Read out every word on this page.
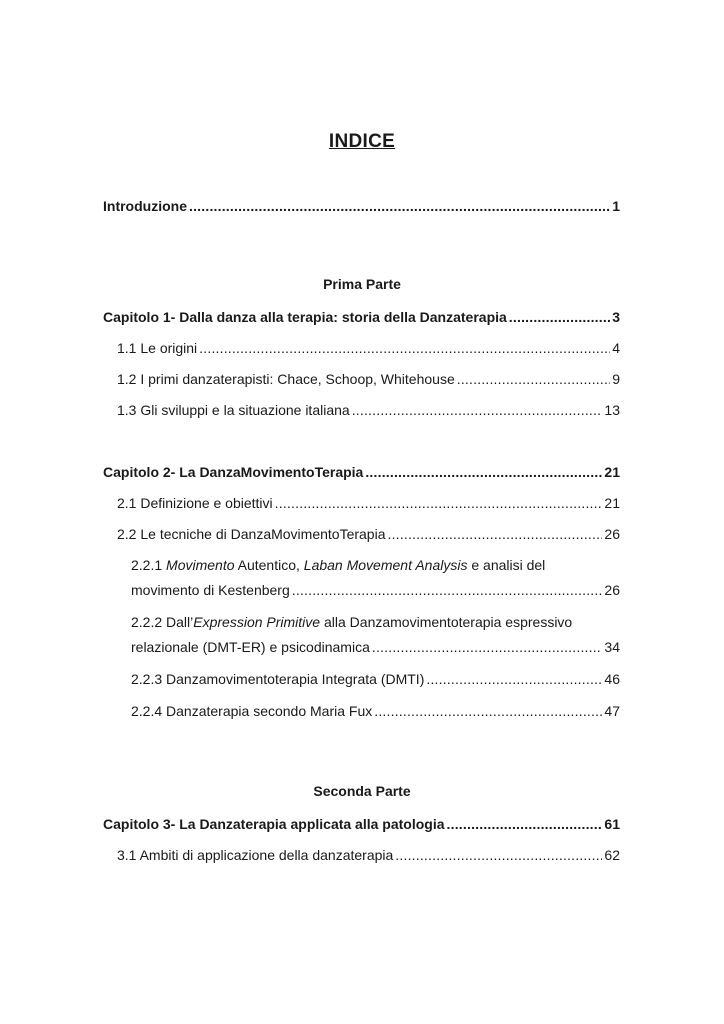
INDICE
Introduzione .....	1
Prima Parte
Capitolo 1- Dalla danza alla terapia: storia della Danzaterapia .....	3
1.1 Le origini .....	4
1.2 I primi danzaterapisti: Chace, Schoop, Whitehouse .....	9
1.3 Gli sviluppi e la situazione italiana .....	13
Capitolo 2- La DanzaMovimentoTerapia .....	21
2.1 Definizione e obiettivi .....	21
2.2 Le tecniche di DanzaMovimentoTerapia .....	26
2.2.1 Movimento Autentico, Laban Movement Analysis e analisi del
movimento di Kestenberg .....	26
2.2.2 Dall’Expression Primitive alla Danzamovimentoterapia espressivo
relazionale (DMT-ER) e psicodinamica .....	34
2.2.3 Danzamovimentoterapia Integrata (DMTI) .....	46
2.2.4 Danzaterapia secondo Maria Fux .....	47
Seconda Parte
Capitolo 3- La Danzaterapia applicata alla patologia .....	61
3.1 Ambiti di applicazione della danzaterapia .....	62
